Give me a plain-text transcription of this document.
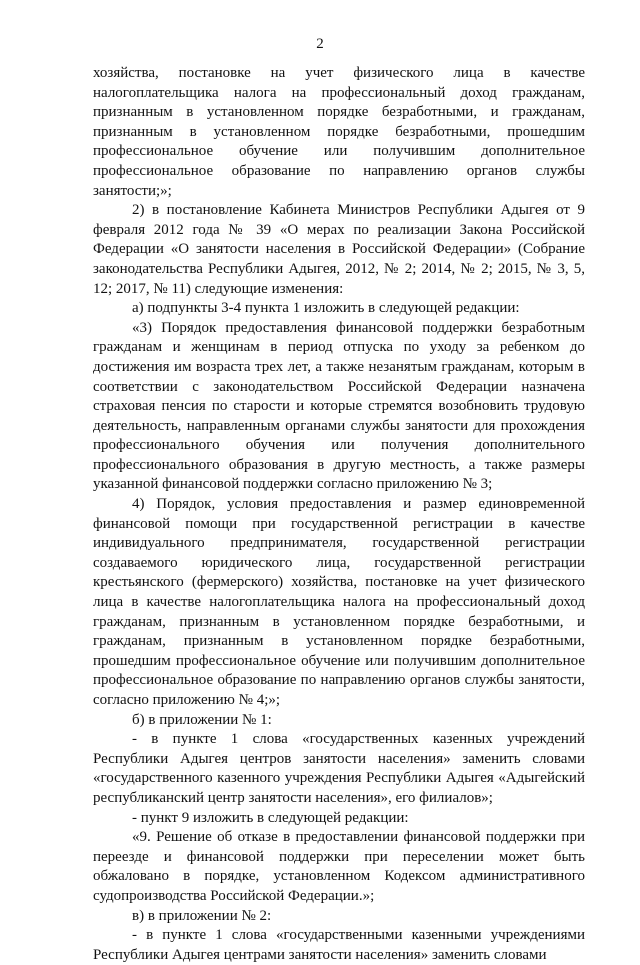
2

хозяйства, постановке на учет физического лица в качестве налогоплательщика налога на профессиональный доход гражданам, признанным в установленном порядке безработными, и гражданам, признанным в установленном порядке безработными, прошедшим профессиональное обучение или получившим дополнительное профессиональное образование по направлению органов службы занятости;»;

2) в постановление Кабинета Министров Республики Адыгея от 9 февраля 2012 года № 39 «О мерах по реализации Закона Российской Федерации «О занятости населения в Российской Федерации» (Собрание законодательства Республики Адыгея, 2012, № 2; 2014, № 2; 2015, № 3, 5, 12; 2017, № 11) следующие изменения:

а) подпункты 3-4 пункта 1 изложить в следующей редакции:

«3) Порядок предоставления финансовой поддержки безработным гражданам и женщинам в период отпуска по уходу за ребенком до достижения им возраста трех лет, а также незанятым гражданам, которым в соответствии с законодательством Российской Федерации назначена страховая пенсия по старости и которые стремятся возобновить трудовую деятельность, направленным органами службы занятости для прохождения профессионального обучения или получения дополнительного профессионального образования в другую местность, а также размеры указанной финансовой поддержки согласно приложению № 3;

4) Порядок, условия предоставления и размер единовременной финансовой помощи при государственной регистрации в качестве индивидуального предпринимателя, государственной регистрации создаваемого юридического лица, государственной регистрации крестьянского (фермерского) хозяйства, постановке на учет физического лица в качестве налогоплательщика налога на профессиональный доход гражданам, признанным в установленном порядке безработными, и гражданам, признанным в установленном порядке безработными, прошедшим профессиональное обучение или получившим дополнительное профессиональное образование по направлению органов службы занятости, согласно приложению № 4;»;

б) в приложении № 1:

- в пункте 1 слова «государственных казенных учреждений Республики Адыгея центров занятости населения» заменить словами «государственного казенного учреждения Республики Адыгея «Адыгейский республиканский центр занятости населения», его филиалов»;

- пункт 9 изложить в следующей редакции:

«9. Решение об отказе в предоставлении финансовой поддержки при переезде и финансовой поддержки при переселении может быть обжаловано в порядке, установленном Кодексом административного судопроизводства Российской Федерации.»;

в) в приложении № 2:

- в пункте 1 слова «государственными казенными учреждениями Республики Адыгея центрами занятости населения» заменить словами
